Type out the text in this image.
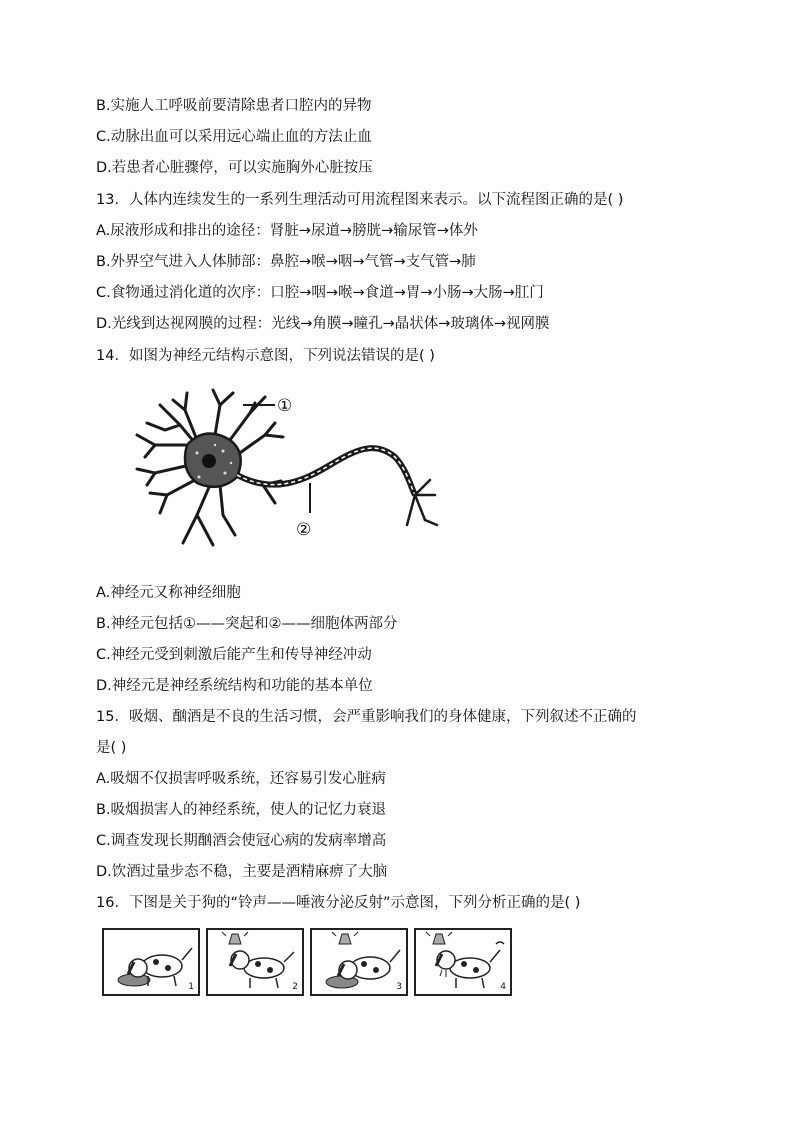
B.实施人工呼吸前要清除患者口腔内的异物
C.动脉出血可以采用远心端止血的方法止血
D.若患者心脏骤停，可以实施胸外心脏按压
13．人体内连续发生的一系列生理活动可用流程图来表示。以下流程图正确的是( )
A.尿液形成和排出的途径：肾脏→尿道→膀胱→输尿管→体外
B.外界空气进入人体肺部：鼻腔→喉→咽→气管→支气管→肺
C.食物通过消化道的次序：口腔→咽→喉→食道→胃→小肠→大肠→肛门
D.光线到达视网膜的过程：光线→角膜→瞳孔→晶状体→玻璃体→视网膜
14．如图为神经元结构示意图，下列说法错误的是( )
①
②
A.神经元又称神经细胞
B.神经元包括①——突起和②——细胞体两部分
C.神经元受到刺激后能产生和传导神经冲动
D.神经元是神经系统结构和功能的基本单位
15．吸烟、酗酒是不良的生活习惯，会严重影响我们的身体健康，下列叙述不正确的
是( )
A.吸烟不仅损害呼吸系统，还容易引发心脏病
B.吸烟损害人的神经系统，使人的记忆力衰退
C.调查发现长期酗酒会使冠心病的发病率增高
D.饮酒过量步态不稳，主要是酒精麻痹了大脑
16．下图是关于狗的“铃声——唾液分泌反射”示意图，下列分析正确的是( )
1	2	3	4
